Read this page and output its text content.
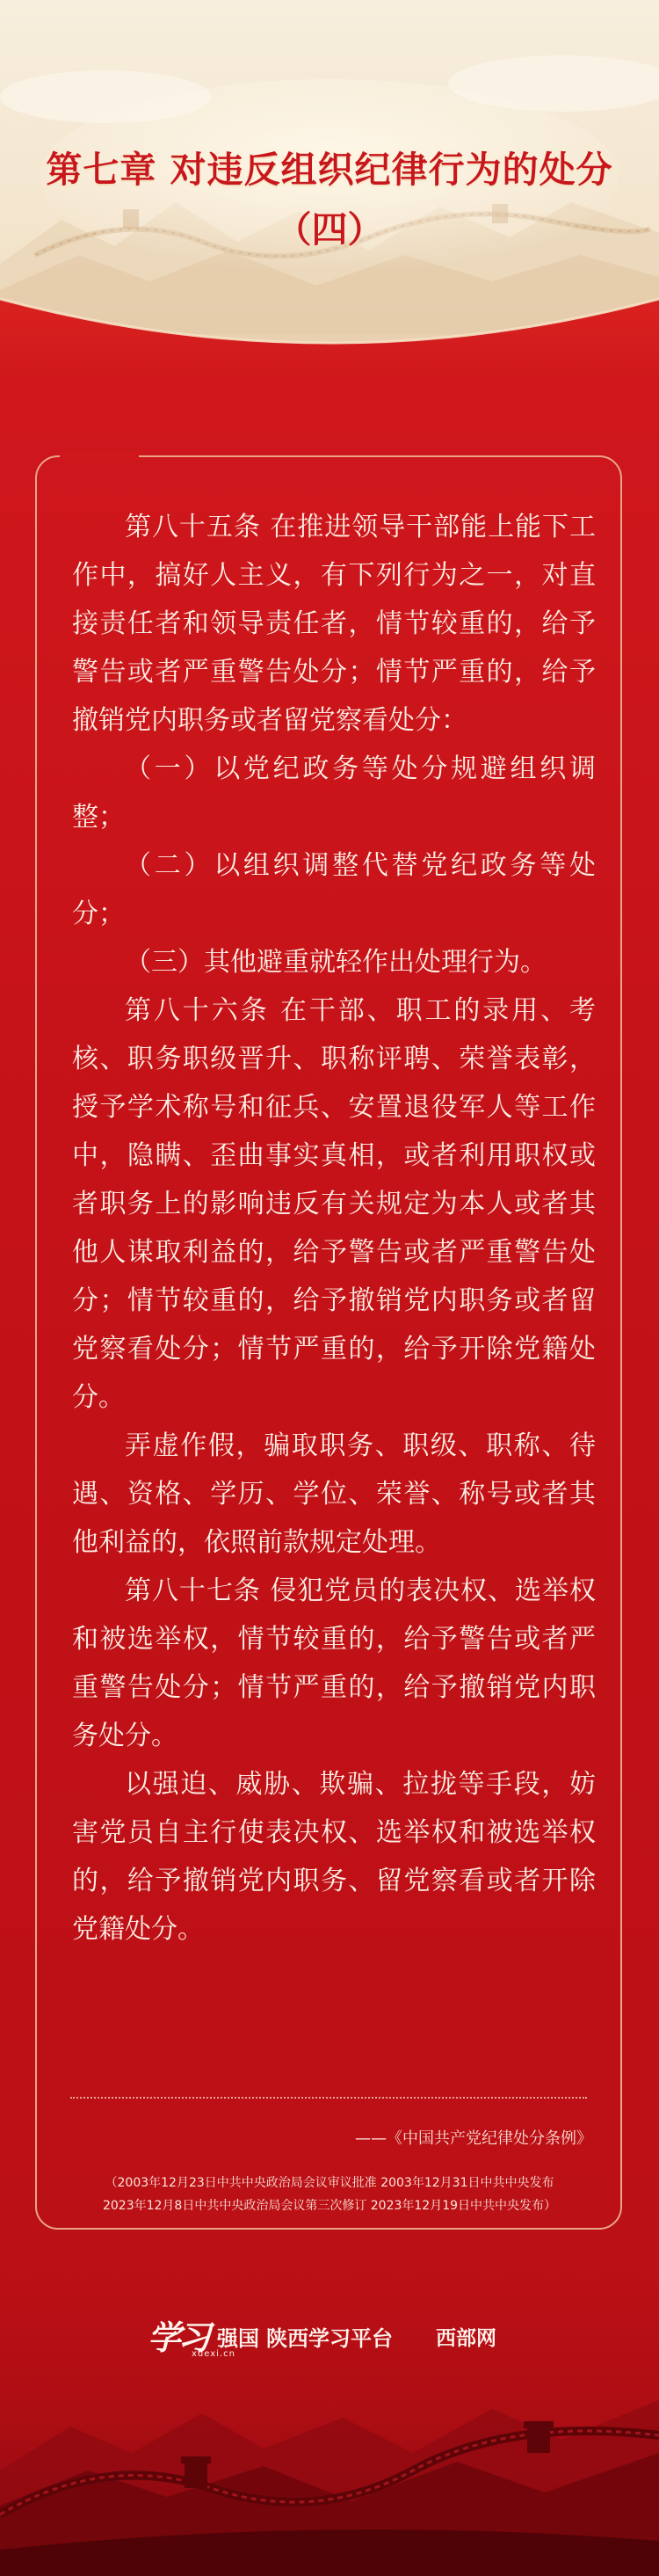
第七章 对违反组织纪律行为的处分
（四）

第八十五条 在推进领导干部能上能下工作中，搞好人主义，有下列行为之一，对直接责任者和领导责任者，情节较重的，给予警告或者严重警告处分；情节严重的，给予撤销党内职务或者留党察看处分：

（一）以党纪政务等处分规避组织调整；

（二）以组织调整代替党纪政务等处分；

（三）其他避重就轻作出处理行为。

第八十六条 在干部、职工的录用、考核、职务职级晋升、职称评聘、荣誉表彰，授予学术称号和征兵、安置退役军人等工作中，隐瞒、歪曲事实真相，或者利用职权或者职务上的影响违反有关规定为本人或者其他人谋取利益的，给予警告或者严重警告处分；情节较重的，给予撤销党内职务或者留党察看处分；情节严重的，给予开除党籍处分。

弄虚作假，骗取职务、职级、职称、待遇、资格、学历、学位、荣誉、称号或者其他利益的，依照前款规定处理。

第八十七条 侵犯党员的表决权、选举权和被选举权，情节较重的，给予警告或者严重警告处分；情节严重的，给予撤销党内职务处分。

以强迫、威胁、欺骗、拉拢等手段，妨害党员自主行使表决权、选举权和被选举权的，给予撤销党内职务、留党察看或者开除党籍处分。

——《中国共产党纪律处分条例》
（2003年12月23日中共中央政治局会议审议批准 2003年12月31日中共中央发布
2023年12月8日中共中央政治局会议第三次修订 2023年12月19日中共中央发布）
学习 强国
xuexi.cn
陕西学习平台 西部网
